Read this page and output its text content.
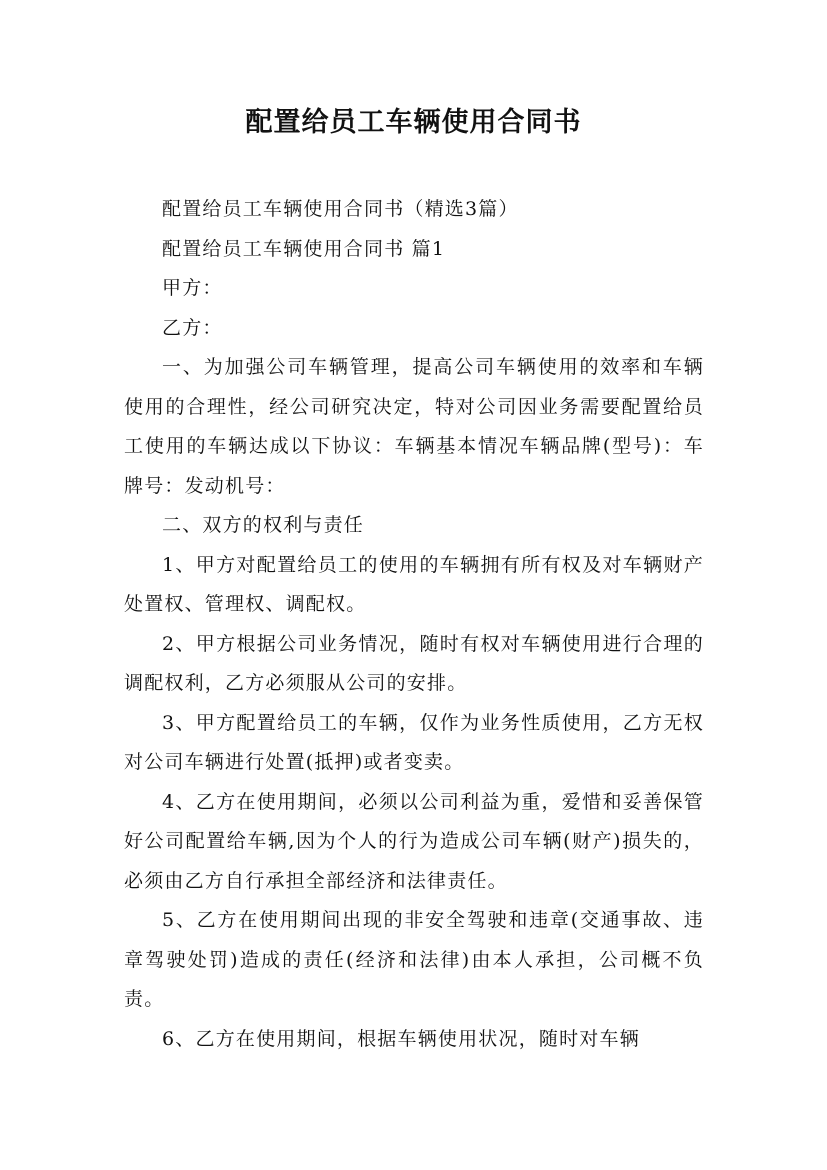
配置给员工车辆使用合同书

配置给员工车辆使用合同书（精选3篇）

配置给员工车辆使用合同书 篇1

甲方：

乙方：

一、为加强公司车辆管理，提高公司车辆使用的效率和车辆使用的合理性，经公司研究决定，特对公司因业务需要配置给员工使用的车辆达成以下协议：车辆基本情况车辆品牌(型号)：车牌号：发动机号：

二、双方的权利与责任

1、甲方对配置给员工的使用的车辆拥有所有权及对车辆财产处置权、管理权、调配权。

2、甲方根据公司业务情况，随时有权对车辆使用进行合理的调配权利，乙方必须服从公司的安排。

3、甲方配置给员工的车辆，仅作为业务性质使用，乙方无权对公司车辆进行处置(抵押)或者变卖。

4、乙方在使用期间，必须以公司利益为重，爱惜和妥善保管好公司配置给车辆,因为个人的行为造成公司车辆(财产)损失的，必须由乙方自行承担全部经济和法律责任。

5、乙方在使用期间出现的非安全驾驶和违章(交通事故、违章驾驶处罚)造成的责任(经济和法律)由本人承担，公司概不负责。

6、乙方在使用期间，根据车辆使用状况，随时对车辆
